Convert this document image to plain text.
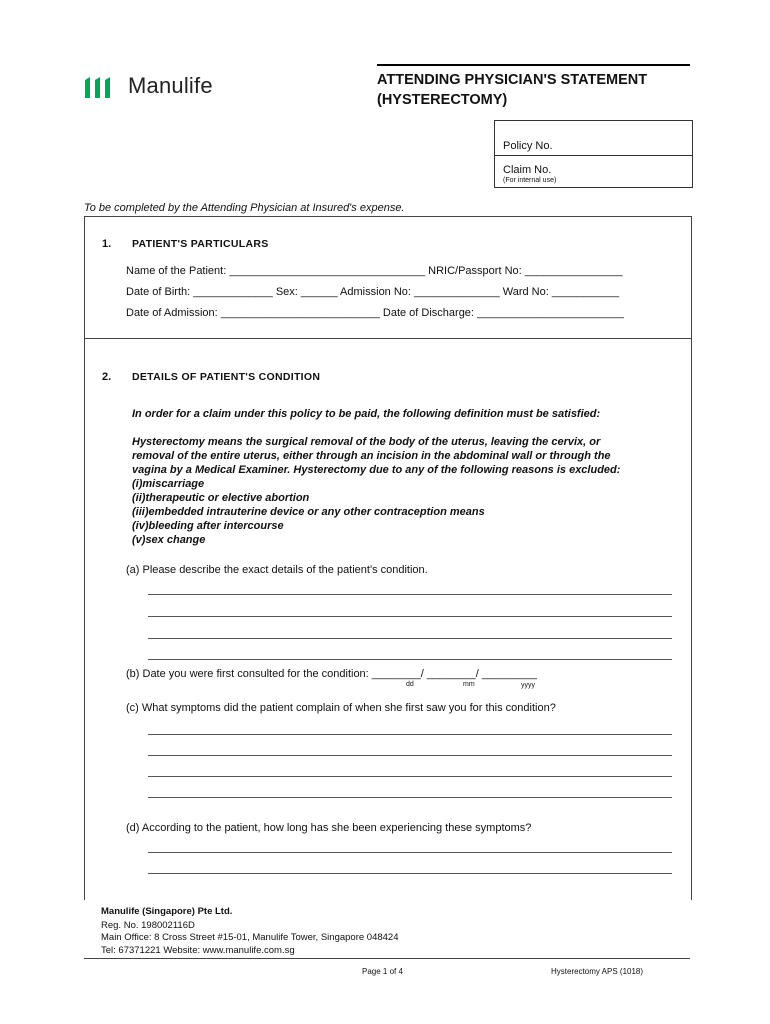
Manulife	ATTENDING PHYSICIAN'S STATEMENT
(HYSTERECTOMY)
Policy No.
Claim No.
(For internal use)
To be completed by the Attending Physician at Insured's expense.
1. PATIENT'S PARTICULARS
Name of the Patient: ________________________________ NRIC/Passport No: ________________
Date of Birth: _____________ Sex: ______ Admission No: ______________ Ward No: ___________
Date of Admission: __________________________ Date of Discharge: ________________________
2. DETAILS OF PATIENT'S CONDITION
In order for a claim under this policy to be paid, the following definition must be satisfied:
Hysterectomy means the surgical removal of the body of the uterus, leaving the cervix, or
removal of the entire uterus, either through an incision in the abdominal wall or through the
vagina by a Medical Examiner. Hysterectomy due to any of the following reasons is excluded:
(i)miscarriage
(ii)therapeutic or elective abortion
(iii)embedded intrauterine device or any other contraception means
(iv)bleeding after intercourse
(v)sex change
(a) Please describe the exact details of the patient's condition.
(b) Date you were first consulted for the condition: ________/ ________/ _________
dd	mm	yyyy
(c) What symptoms did the patient complain of when she first saw you for this condition?
(d) According to the patient, how long has she been experiencing these symptoms?
Manulife (Singapore) Pte Ltd.
Reg. No. 198002116D
Main Office: 8 Cross Street #15-01, Manulife Tower, Singapore 048424
Tel: 67371221 Website: www.manulife.com.sg
Page 1 of 4	Hysterectomy APS (1018)
